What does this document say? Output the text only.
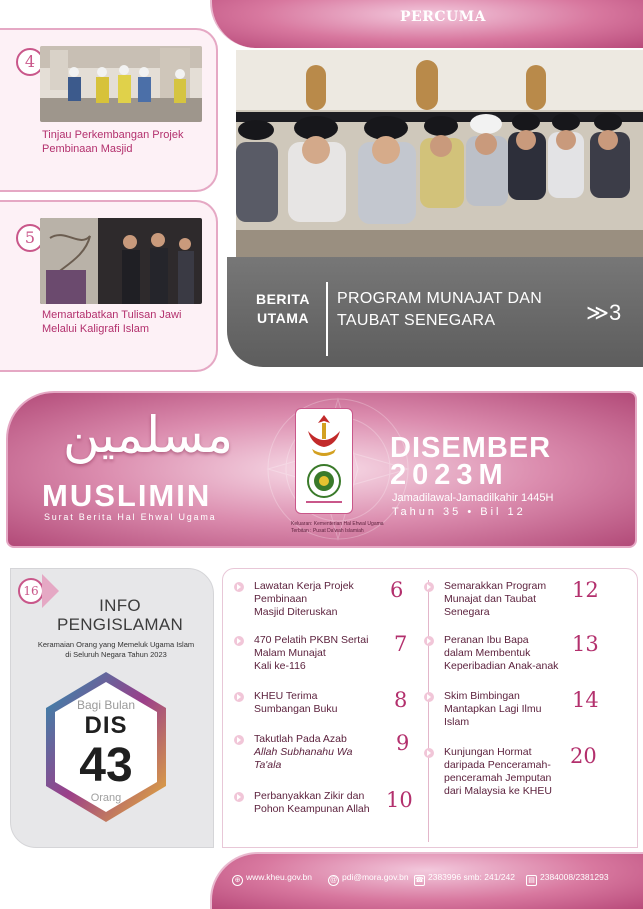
PERCUMA
4
Tinjau Perkembangan Projek
Pembinaan Masjid
5
Memartabatkan Tulisan Jawi
Melalui Kaligrafi Islam
BERITA
UTAMA
PROGRAM MUNAJAT DAN
TAUBAT SENEGARA	≫3
مسلمين
MUSLIMIN
Surat Berita Hal Ehwal Ugama
Keluaran: Kementerian Hal Ehwal Ugama
Terbitan : Pusat Da'wah Islamiah
DISEMBER
2023M
Jamadilawal-Jamadilkahir 1445H
Tahun 35 • Bil 12
16
INFO
PENGISLAMAN
Keramaian Orang yang Memeluk Ugama Islam
di Seluruh Negara Tahun 2023
Bagi Bulan
DIS
43
Orang
Lawatan Kerja Projek
Pembinaan
Masjid Diteruskan
6
470 Pelatih PKBN Sertai
Malam Munajat
Kali ke-116
7
KHEU Terima
Sumbangan Buku	8
Takutlah Pada Azab
Allah Subhanahu Wa
Ta'ala
9
Perbanyakkan Zikir dan
Pohon Keampunan Allah 10
Semarakkan Program
Munajat dan Taubat
Senegara
12
Peranan Ibu Bapa
dalam Membentuk
Keperibadian Anak-anak
13
Skim Bimbingan
Mantapkan Lagi Ilmu
Islam
14
Kunjungan Hormat
daripada Penceramah-
penceramah Jemputan
dari Malaysia ke KHEU
20
⊕ www.kheu.gov.bn	@ pdi@mora.gov.bn ☎ 2383996 smb: 241/242	▤ 2384008/2381293
